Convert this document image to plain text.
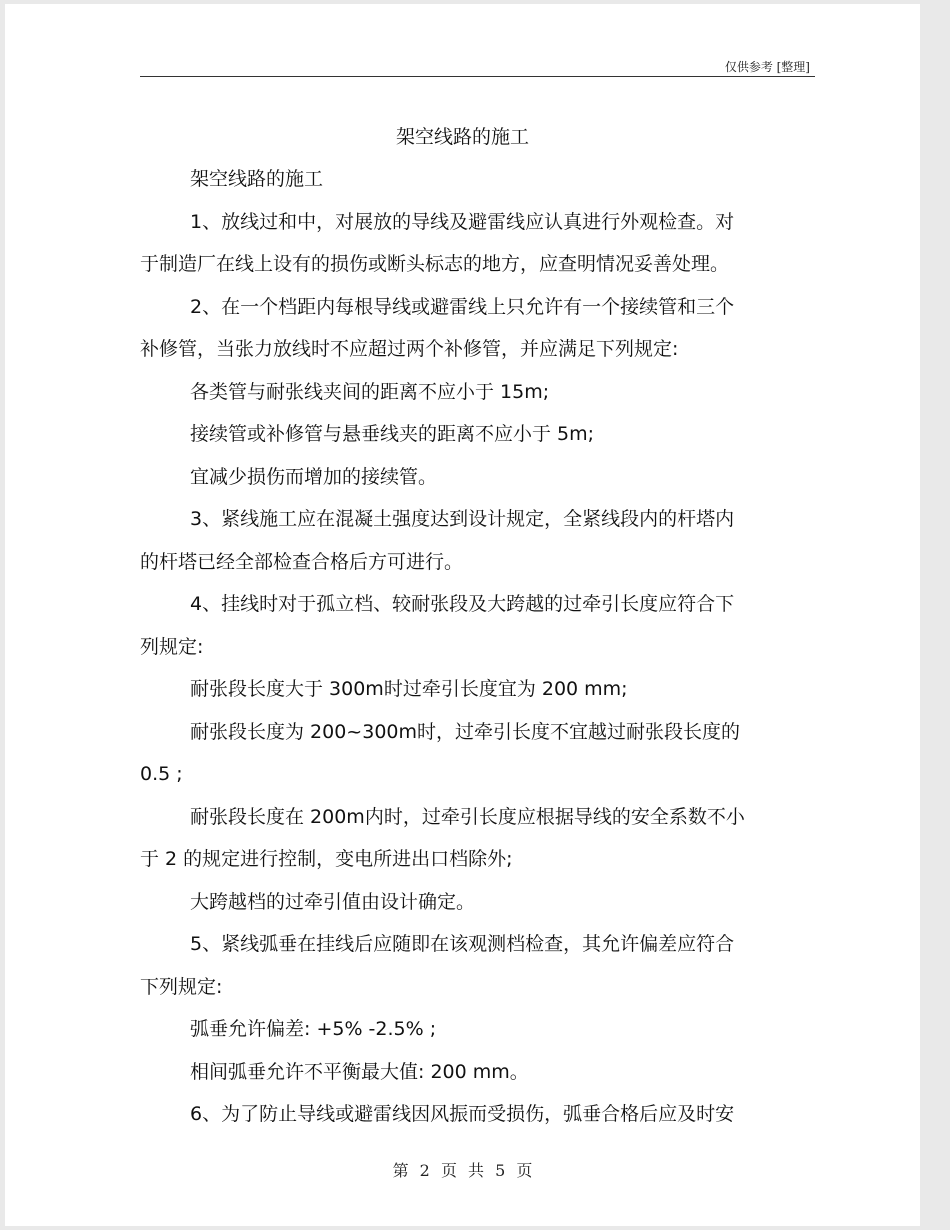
仅供参考 [整理]
架空线路的施工
架空线路的施工
1、放线过和中，对展放的导线及避雷线应认真进行外观检查。对
于制造厂在线上设有的损伤或断头标志的地方，应查明情况妥善处理。
2、在一个档距内每根导线或避雷线上只允许有一个接续管和三个
补修管，当张力放线时不应超过两个补修管，并应满足下列规定:
各类管与耐张线夹间的距离不应小于 15m;
接续管或补修管与悬垂线夹的距离不应小于 5m;
宜减少损伤而增加的接续管。
3、紧线施工应在混凝土强度达到设计规定，全紧线段内的杆塔内
的杆塔已经全部检查合格后方可进行。
4、挂线时对于孤立档、较耐张段及大跨越的过牵引长度应符合下
列规定:
耐张段长度大于 300m时过牵引长度宜为 200 mm;
耐张段长度为 200~300m时，过牵引长度不宜越过耐张段长度的
0.5 ;
耐张段长度在 200m内时，过牵引长度应根据导线的安全系数不小
于 2 的规定进行控制，变电所进出口档除外;
大跨越档的过牵引值由设计确定。
5、紧线弧垂在挂线后应随即在该观测档检查，其允许偏差应符合
下列规定:
弧垂允许偏差: +5% -2.5% ;
相间弧垂允许不平衡最大值: 200 mm。
6、为了防止导线或避雷线因风振而受损伤，弧垂合格后应及时安
第 2 页 共 5 页
